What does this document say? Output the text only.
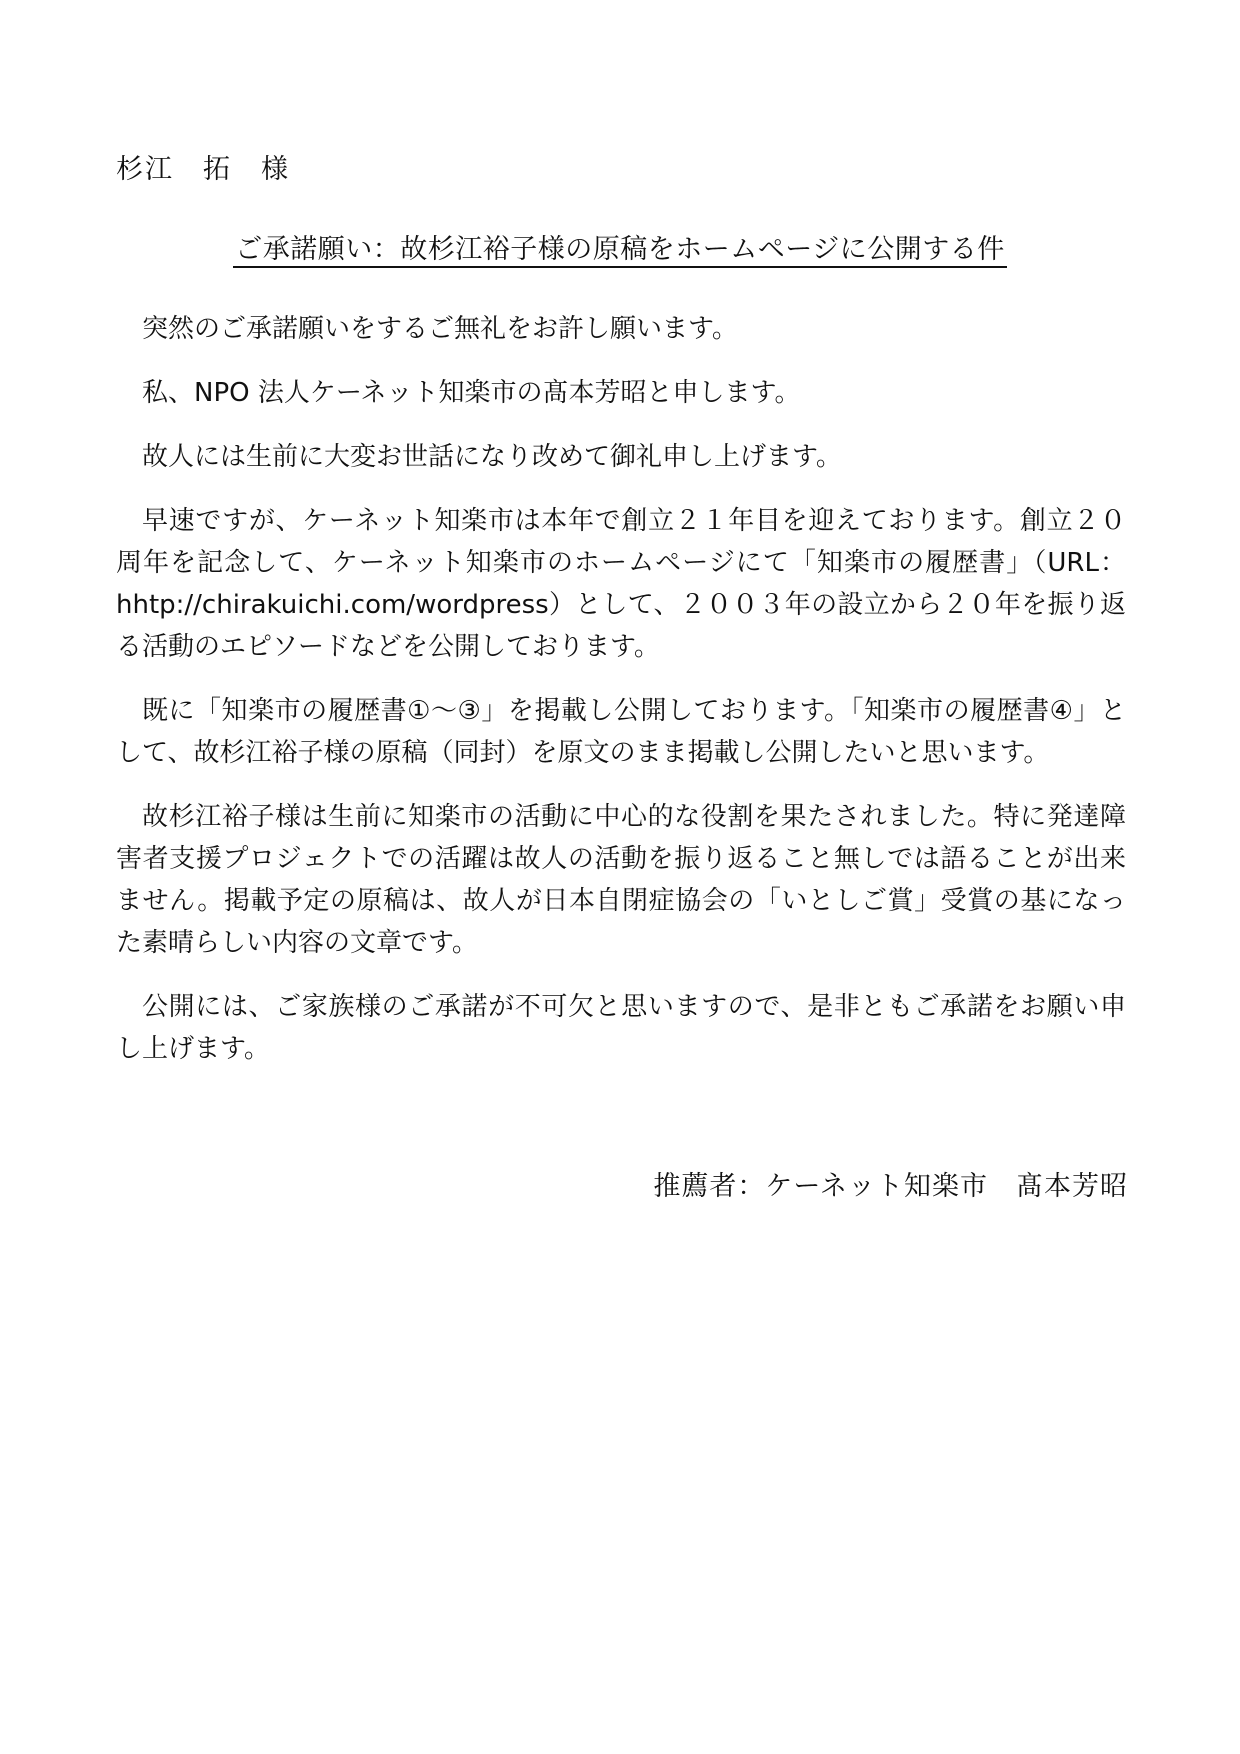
杉江　拓　様
ご承諾願い：故杉江裕子様の原稿をホームページに公開する件

突然のご承諾願いをするご無礼をお許し願います。

私、NPO 法人ケーネット知楽市の髙本芳昭と申します。

故人には生前に大変お世話になり改めて御礼申し上げます。

早速ですが、ケーネット知楽市は本年で創立２１年目を迎えております。創立２０周年を記念して、ケーネット知楽市のホームページにて「知楽市の履歴書」（URL：hhtp://chirakuichi.com/wordpress）として、２００３年の設立から２０年を振り返る活動のエピソードなどを公開しております。

既に「知楽市の履歴書①～③」を掲載し公開しております。「知楽市の履歴書④」として、故杉江裕子様の原稿（同封）を原文のまま掲載し公開したいと思います。

故杉江裕子様は生前に知楽市の活動に中心的な役割を果たされました。特に発達障害者支援プロジェクトでの活躍は故人の活動を振り返ること無しでは語ることが出来ません。掲載予定の原稿は、故人が日本自閉症協会の「いとしご賞」受賞の基になった素晴らしい内容の文章です。

公開には、ご家族様のご承諾が不可欠と思いますので、是非ともご承諾をお願い申し上げます。

推薦者：ケーネット知楽市　髙本芳昭
